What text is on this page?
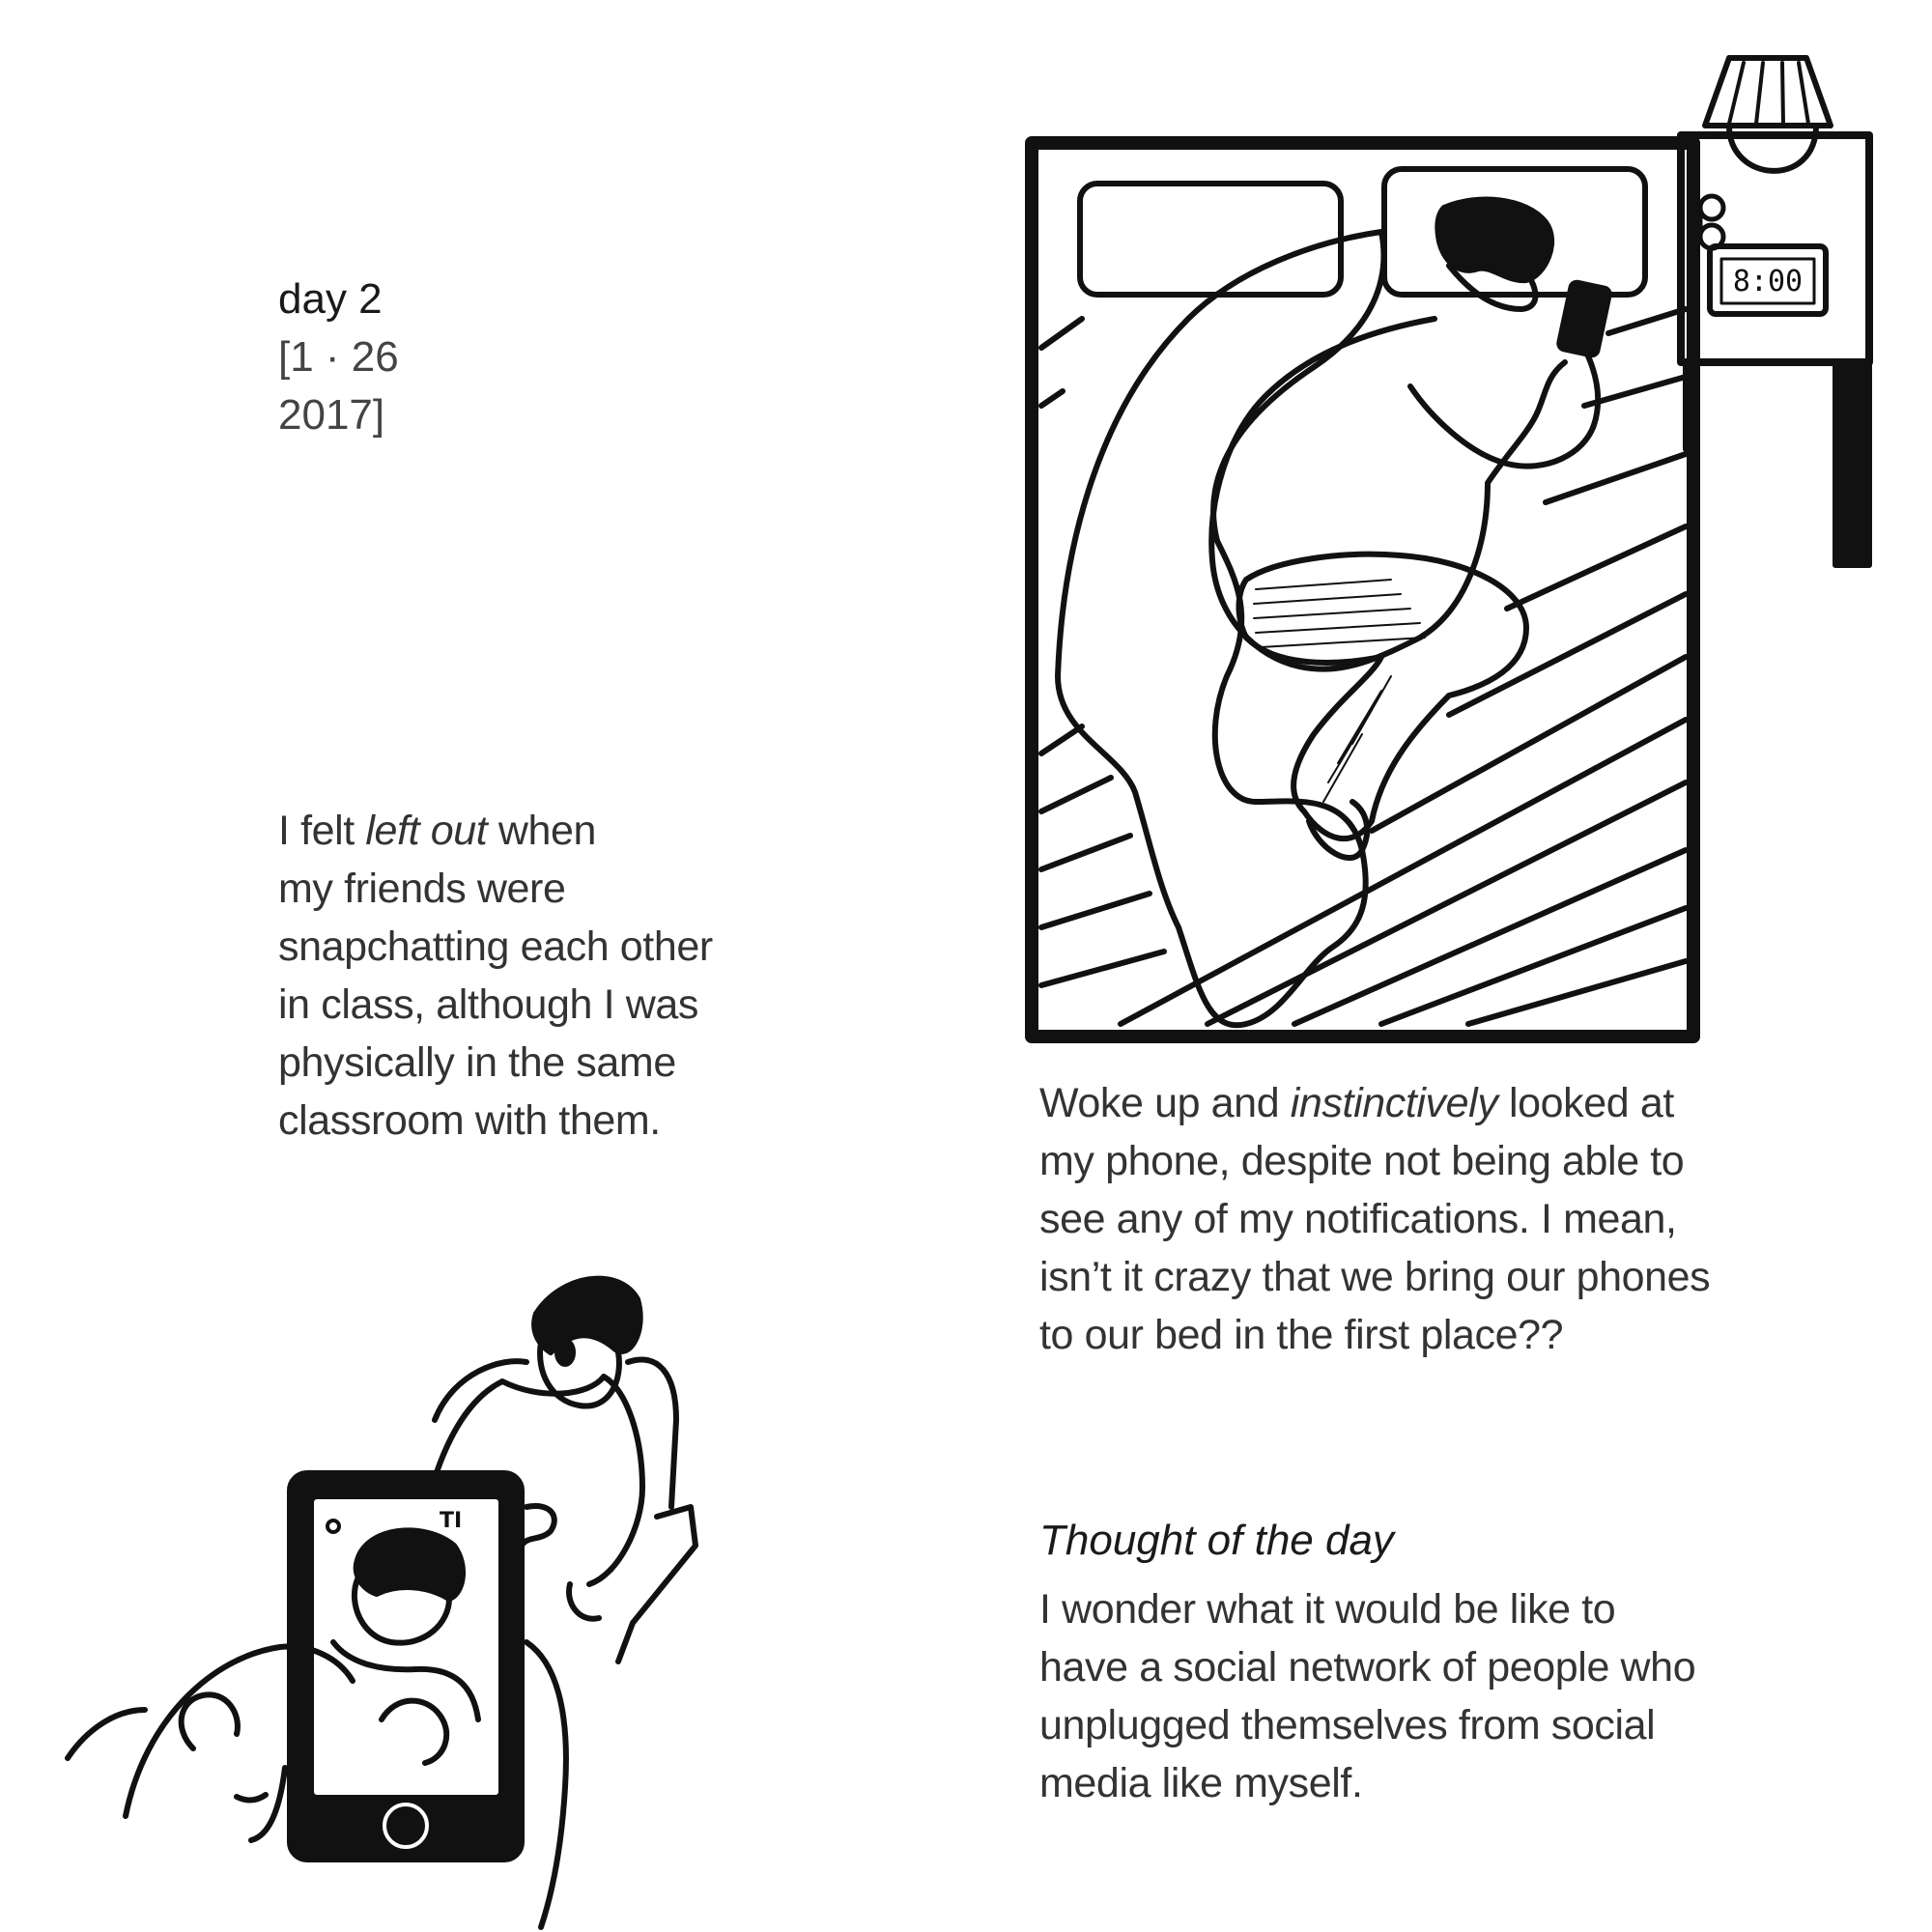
day 2
[1 · 26
2017]

I felt left out when

my friends were

snapchatting each other

in class, although I was

physically in the same

classroom with them.	Woke up and instinctively looked at

my phone, despite not being able to

see any of my notifications. I mean,

isn’t it crazy that we bring our phones

to our bed in the first place??

Thought of the day

I wonder what it would be like to

have a social network of people who

unplugged themselves from social

media like myself.

8:00
TI
